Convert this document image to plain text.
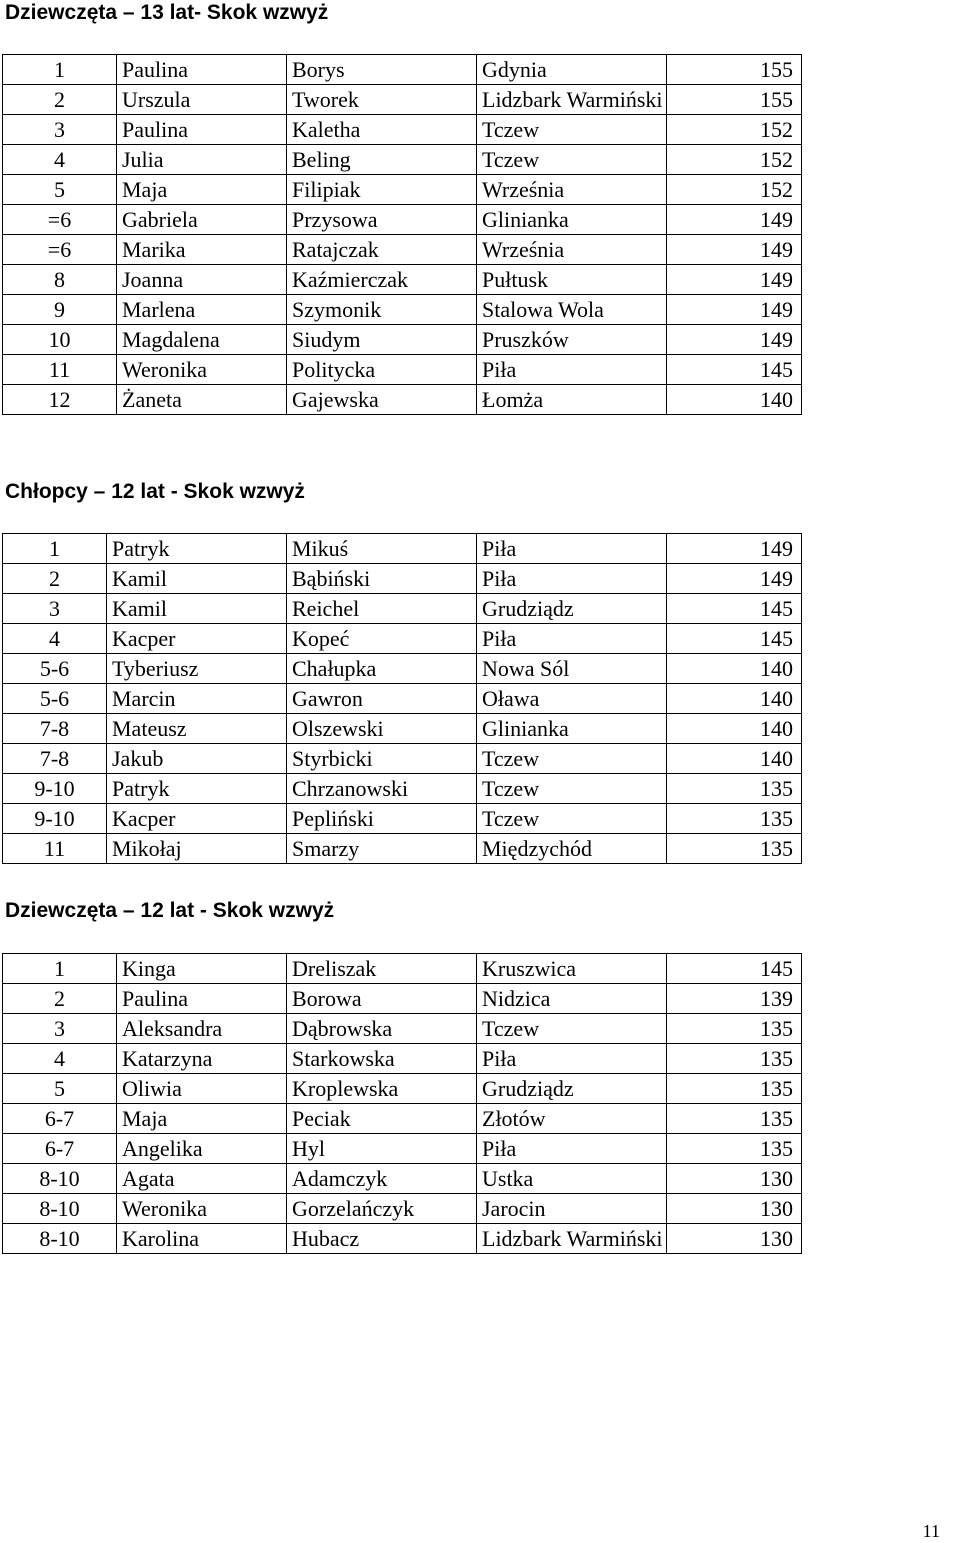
Dziewczęta – 13 lat- Skok wzwyż
1	Paulina	Borys	Gdynia	155
2	Urszula	Tworek	Lidzbark Warmiński	155
3	Paulina	Kaletha	Tczew	152
4	Julia	Beling	Tczew	152
5	Maja	Filipiak	Września	152
=6	Gabriela	Przysowa	Glinianka	149
=6	Marika	Ratajczak	Września	149
8	Joanna	Kaźmierczak	Pułtusk	149
9	Marlena	Szymonik	Stalowa Wola	149
10	Magdalena	Siudym	Pruszków	149
11	Weronika	Politycka	Piła	145
12	Żaneta	Gajewska	Łomża	140
Chłopcy – 12 lat - Skok wzwyż
1	Patryk	Mikuś	Piła	149
2	Kamil	Bąbiński	Piła	149
3	Kamil	Reichel	Grudziądz	145
4	Kacper	Kopeć	Piła	145
5-6	Tyberiusz	Chałupka	Nowa Sól	140
5-6	Marcin	Gawron	Oława	140
7-8	Mateusz	Olszewski	Glinianka	140
7-8	Jakub	Styrbicki	Tczew	140
9-10	Patryk	Chrzanowski	Tczew	135
9-10	Kacper	Pepliński	Tczew	135
11	Mikołaj	Smarzy	Międzychód	135
Dziewczęta – 12 lat - Skok wzwyż
1	Kinga	Dreliszak	Kruszwica	145
2	Paulina	Borowa	Nidzica	139
3	Aleksandra	Dąbrowska	Tczew	135
4	Katarzyna	Starkowska	Piła	135
5	Oliwia	Kroplewska	Grudziądz	135
6-7	Maja	Peciak	Złotów	135
6-7	Angelika	Hyl	Piła	135
8-10	Agata	Adamczyk	Ustka	130
8-10	Weronika	Gorzelańczyk	Jarocin	130
8-10	Karolina	Hubacz	Lidzbark Warmiński	130
11
